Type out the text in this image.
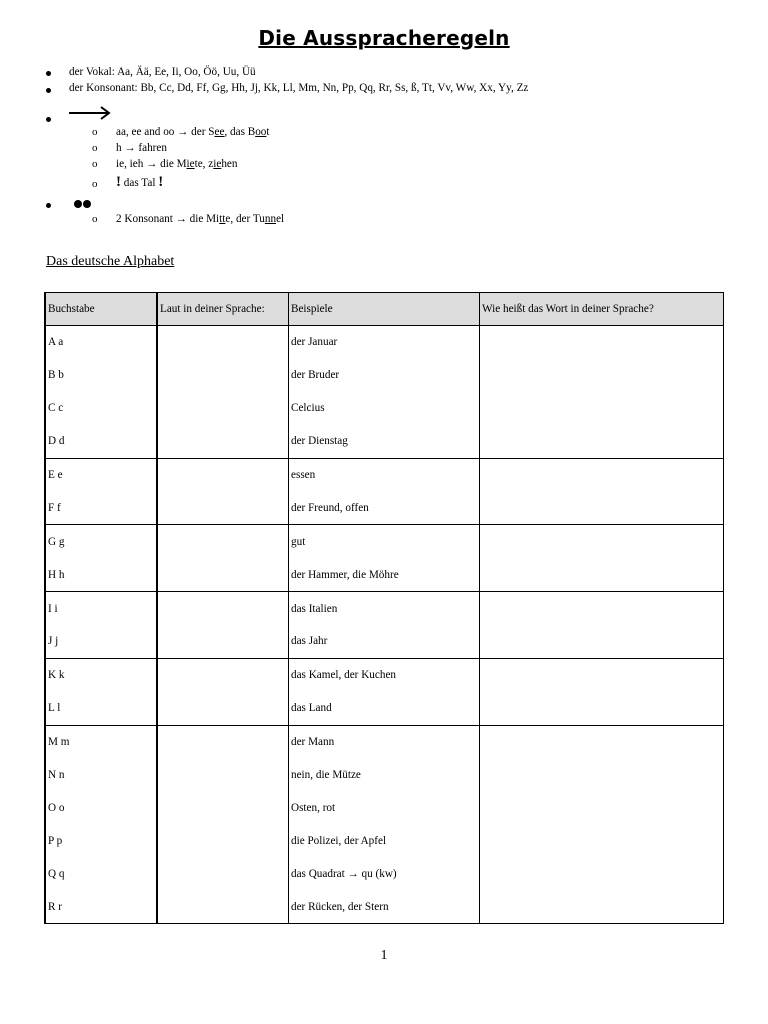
Die Ausspracheregeln
der Vokal: Aa, Ää, Ee, Ii, Oo, Öö, Uu, Üü
der Konsonant: Bb, Cc, Dd, Ff, Gg, Hh, Jj, Kk, Ll, Mm, Nn, Pp, Qq, Rr, Ss, ß, Tt, Vv, Ww, Xx, Yy, Zz
o aa, ee and oo → der See, das Boot
o h → fahren
o ie, ieh → die Miete, ziehen
o ! das Tal !
o 2 Konsonant → die Mitte, der Tunnel
Das deutsche Alphabet
Buchstabe	Laut in deiner Sprache:	Beispiele	Wie heißt das Wort in deiner Sprache?
A a		der Januar	
B b		der Bruder	
C c		Celcius	
D d		der Dienstag	
E e		essen	
F f		der Freund, offen	
G g		gut	
H h		der Hammer, die Möhre	
I i		das Italien	
J j		das Jahr	
K k		das Kamel, der Kuchen	
L l		das Land	
M m		der Mann	
N n		nein, die Mütze	
O o		Osten, rot	
P p		die Polizei, der Apfel	
Q q		das Quadrat → qu (kw)	
R r		der Rücken, der Stern	
1
